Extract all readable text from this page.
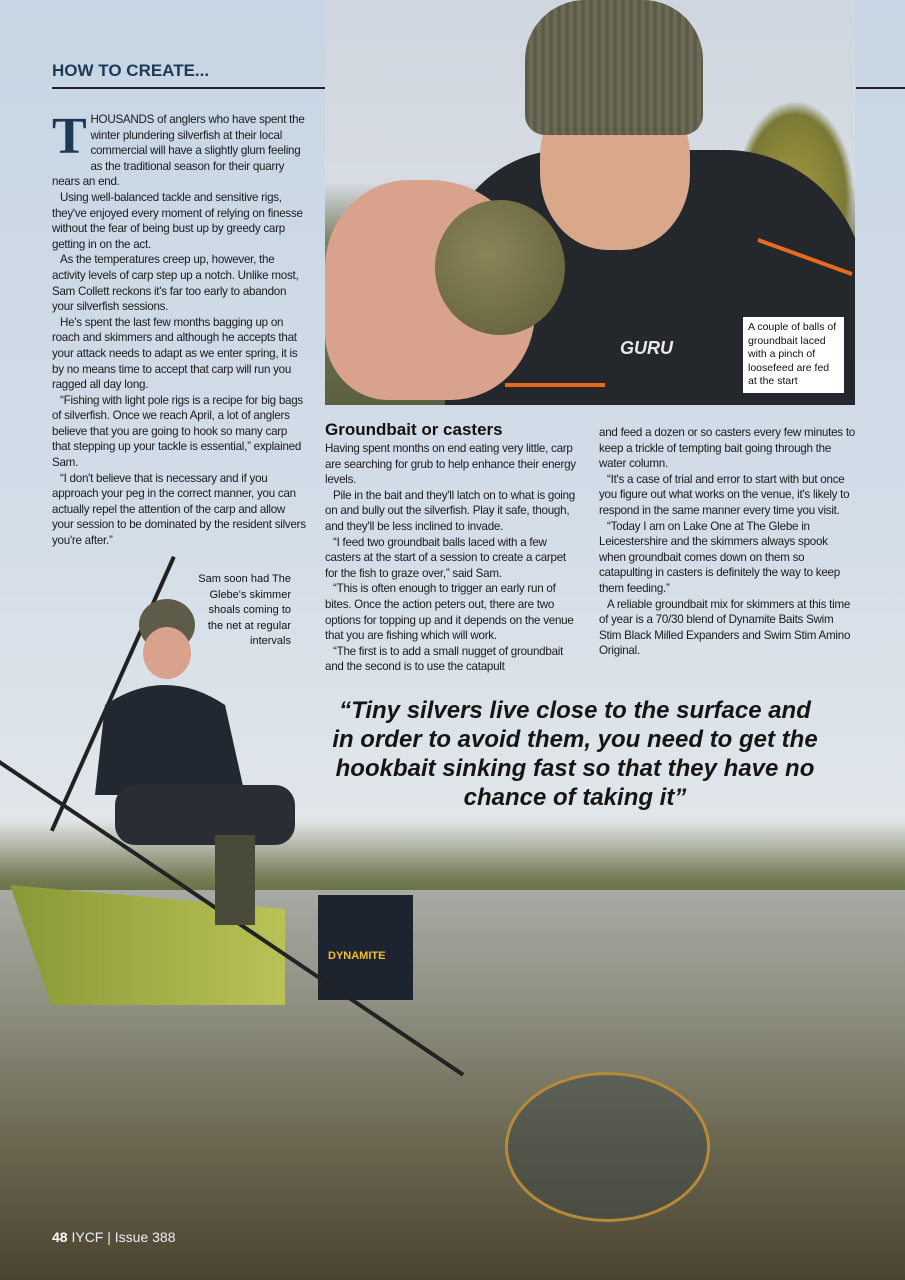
DYNAMITE
GURU
A couple of balls of groundbait laced with a pinch of loosefeed are fed at the start
HOW TO CREATE...

THOUSANDS of anglers who have spent the winter plundering silverfish at their local commercial will have a slightly glum feeling as the traditional season for their quarry nears an end.

Using well-balanced tackle and sensitive rigs, they've enjoyed every moment of relying on finesse without the fear of being bust up by greedy carp getting in on the act.

As the temperatures creep up, however, the activity levels of carp step up a notch. Unlike most, Sam Collett reckons it's far too early to abandon your silverfish sessions.

He's spent the last few months bagging up on roach and skimmers and although he accepts that your attack needs to adapt as we enter spring, it is by no means time to accept that carp will run you ragged all day long.

“Fishing with light pole rigs is a recipe for big bags of silverfish. Once we reach April, a lot of anglers believe that you are going to hook so many carp that stepping up your tackle is essential,” explained Sam.

“I don't believe that is necessary and if you approach your peg in the correct manner, you can actually repel the attention of the carp and allow your session to be dominated by the resident silvers you're after.”

Sam soon had The Glebe's skimmer shoals coming to the net at regular intervals
Groundbait or casters

Having spent months on end eating very little, carp are searching for grub to help enhance their energy levels.

Pile in the bait and they'll latch on to what is going on and bully out the silverfish. Play it safe, though, and they'll be less inclined to invade.

“I feed two groundbait balls laced with a few casters at the start of a session to create a carpet for the fish to graze over,” said Sam.

“This is often enough to trigger an early run of bites. Once the action peters out, there are two options for topping up and it depends on the venue that you are fishing which will work.

“The first is to add a small nugget of groundbait and the second is to use the catapult

and feed a dozen or so casters every few minutes to keep a trickle of tempting bait going through the water column.

“It's a case of trial and error to start with but once you figure out what works on the venue, it's likely to respond in the same manner every time you visit.

“Today I am on Lake One at The Glebe in Leicestershire and the skimmers always spook when groundbait comes down on them so catapulting in casters is definitely the way to keep them feeding.”

A reliable groundbait mix for skimmers at this time of year is a 70/30 blend of Dynamite Baits Swim Stim Black Milled Expanders and Swim Stim Amino Original.

“Tiny silvers live close to the surface and in order to avoid them, you need to get the hookbait sinking fast so that they have no chance of taking it”
48 IYCF | Issue 388
